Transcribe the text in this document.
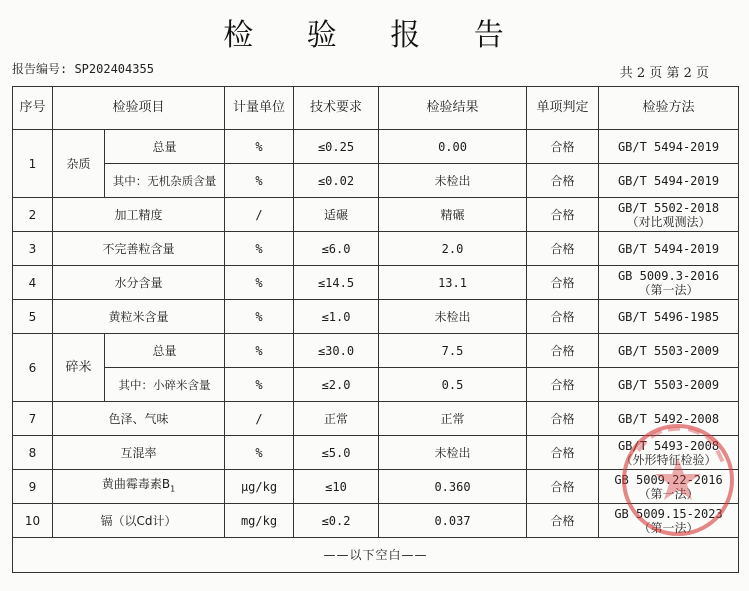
检 验 报 告
报告编号: SP202404355	共 2 页 第 2 页
序号	检验项目		计量单位	技术要求	检验结果	单项判定	检验方法
1	杂质	总量	%	≤0.25	0.00	合格	GB/T 5494-2019
		其中：无机杂质含量	%	≤0.02	未检出	合格	GB/T 5494-2019
2	加工精度		/	适碾	精碾	合格	GB/T 5502-2018
（对比观测法）

3	不完善粒含量		%	≤6.0	2.0	合格	GB/T 5494-2019
4	水分含量		%	≤14.5	13.1	合格	GB 5009.3-2016
（第一法）

5	黄粒米含量		%	≤1.0	未检出	合格	GB/T 5496-1985
6	碎米	总量	%	≤30.0	7.5	合格	GB/T 5503-2009
		其中：小碎米含量	%	≤2.0	0.5	合格	GB/T 5503-2009
7	色泽、气味		/	正常	正常	合格	GB/T 5492-2008
8	互混率		%	≤5.0	未检出	合格	GB/T 5493-2008
（外形特征检验）

9	黄曲霉毒素$B_1$		μg/kg	≤10	0.360	合格	GB 5009.22-2016
（第一法）

10	镉（以Cd计）		mg/kg	≤0.2	0.037	合格	GB 5009.15-2023
（第一法）

——以下空白——							
